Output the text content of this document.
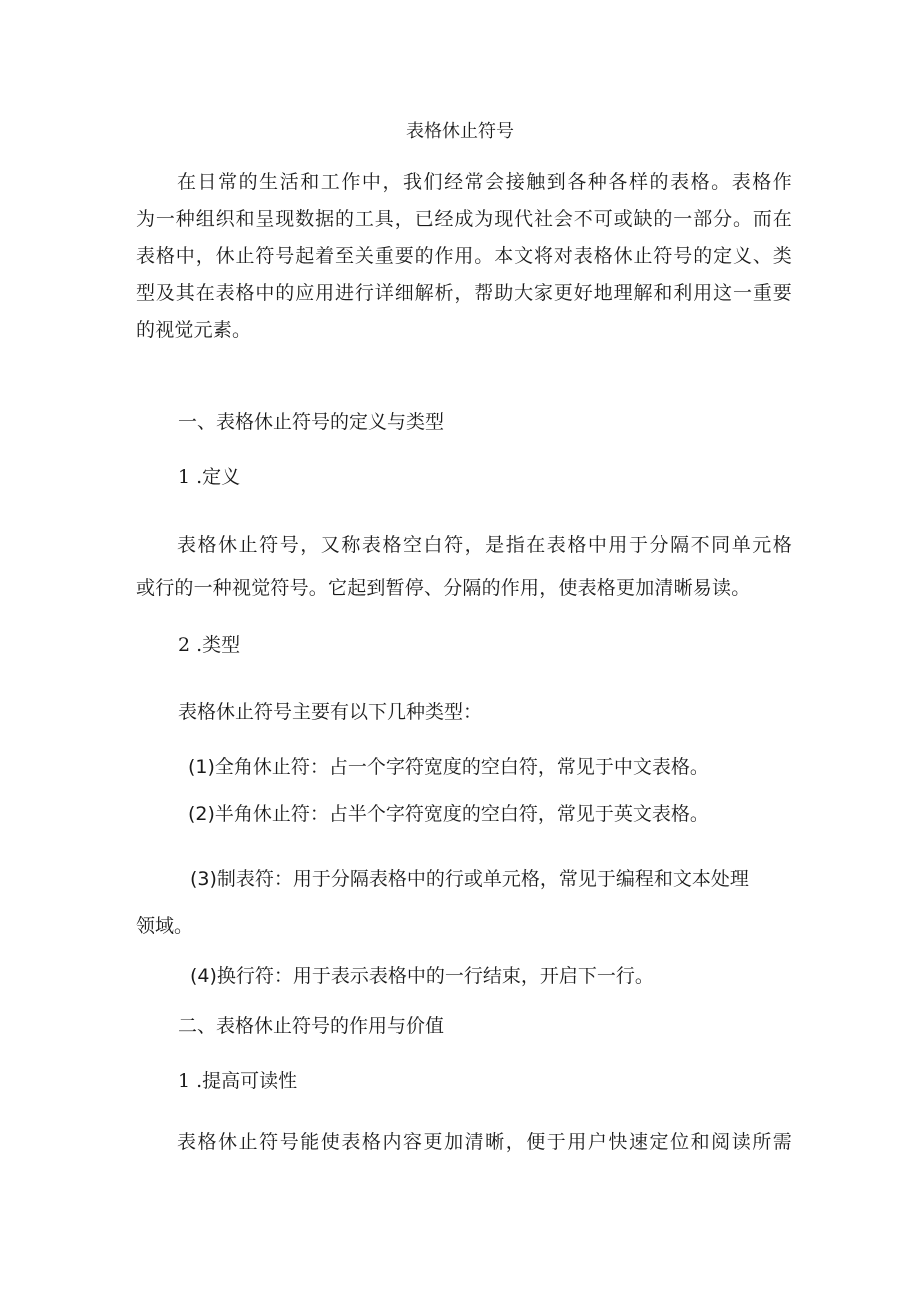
表格休止符号
在日常的生活和工作中，我们经常会接触到各种各样的表格。表格作
为一种组织和呈现数据的工具，已经成为现代社会不可或缺的一部分。而在
表格中，休止符号起着至关重要的作用。本文将对表格休止符号的定义、类
型及其在表格中的应用进行详细解析，帮助大家更好地理解和利用这一重要
的视觉元素。
一、表格休止符号的定义与类型
1 .定义
表格休止符号，又称表格空白符，是指在表格中用于分隔不同单元格
或行的一种视觉符号。它起到暂停、分隔的作用，使表格更加清晰易读。
2 .类型
表格休止符号主要有以下几种类型：
(1)全角休止符：占一个字符宽度的空白符，常见于中文表格。
(2)半角休止符：占半个字符宽度的空白符，常见于英文表格。
(3)制表符：用于分隔表格中的行或单元格，常见于编程和文本处理
领域。
(4)换行符：用于表示表格中的一行结束，开启下一行。
二、表格休止符号的作用与价值
1 .提高可读性
表格休止符号能使表格内容更加清晰，便于用户快速定位和阅读所需
